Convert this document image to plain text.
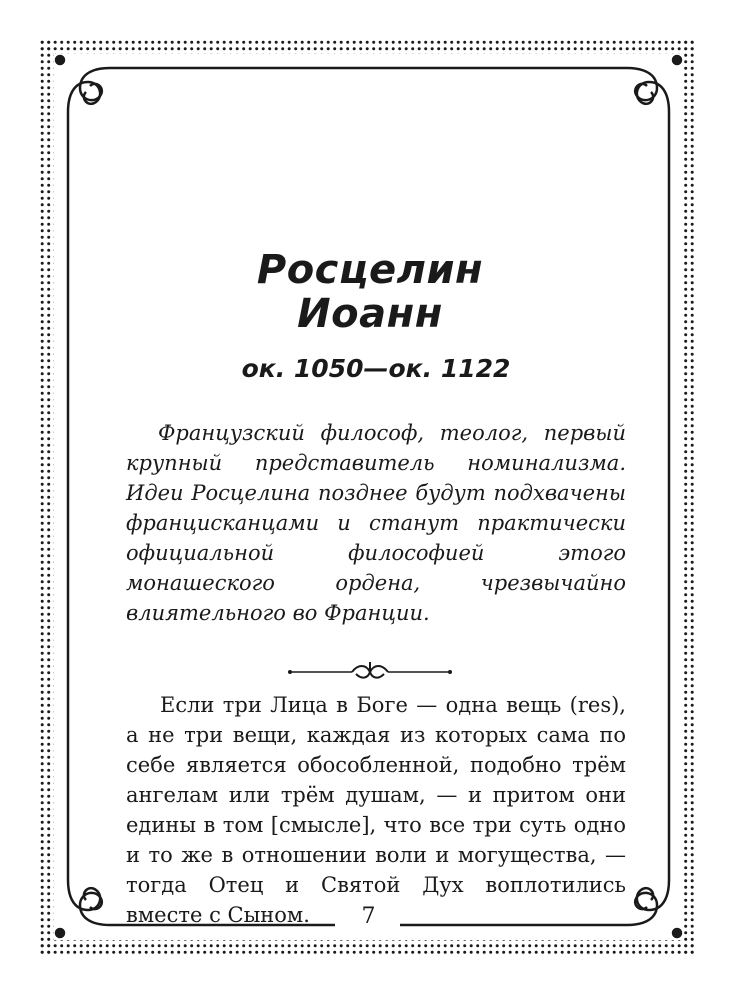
Росцелин
Иоанн
ок. 1050—ок. 1122

Французский философ, теолог, первый крупный представитель номинализма. Идеи Росцелина позднее будут подхвачены францисканцами и станут практически официальной философией этого монашеского ордена, чрезвычайно влиятельного во Франции.

Если три Лица в Боге — одна вещь (res), а не три вещи, каждая из которых сама по себе является обособленной, подобно трём ангелам или трём душам, — и притом они едины в том [смысле], что все три суть одно и то же в отношении воли и могущества, — тогда Отец и Святой Дух воплотились вместе с Сыном.	7
